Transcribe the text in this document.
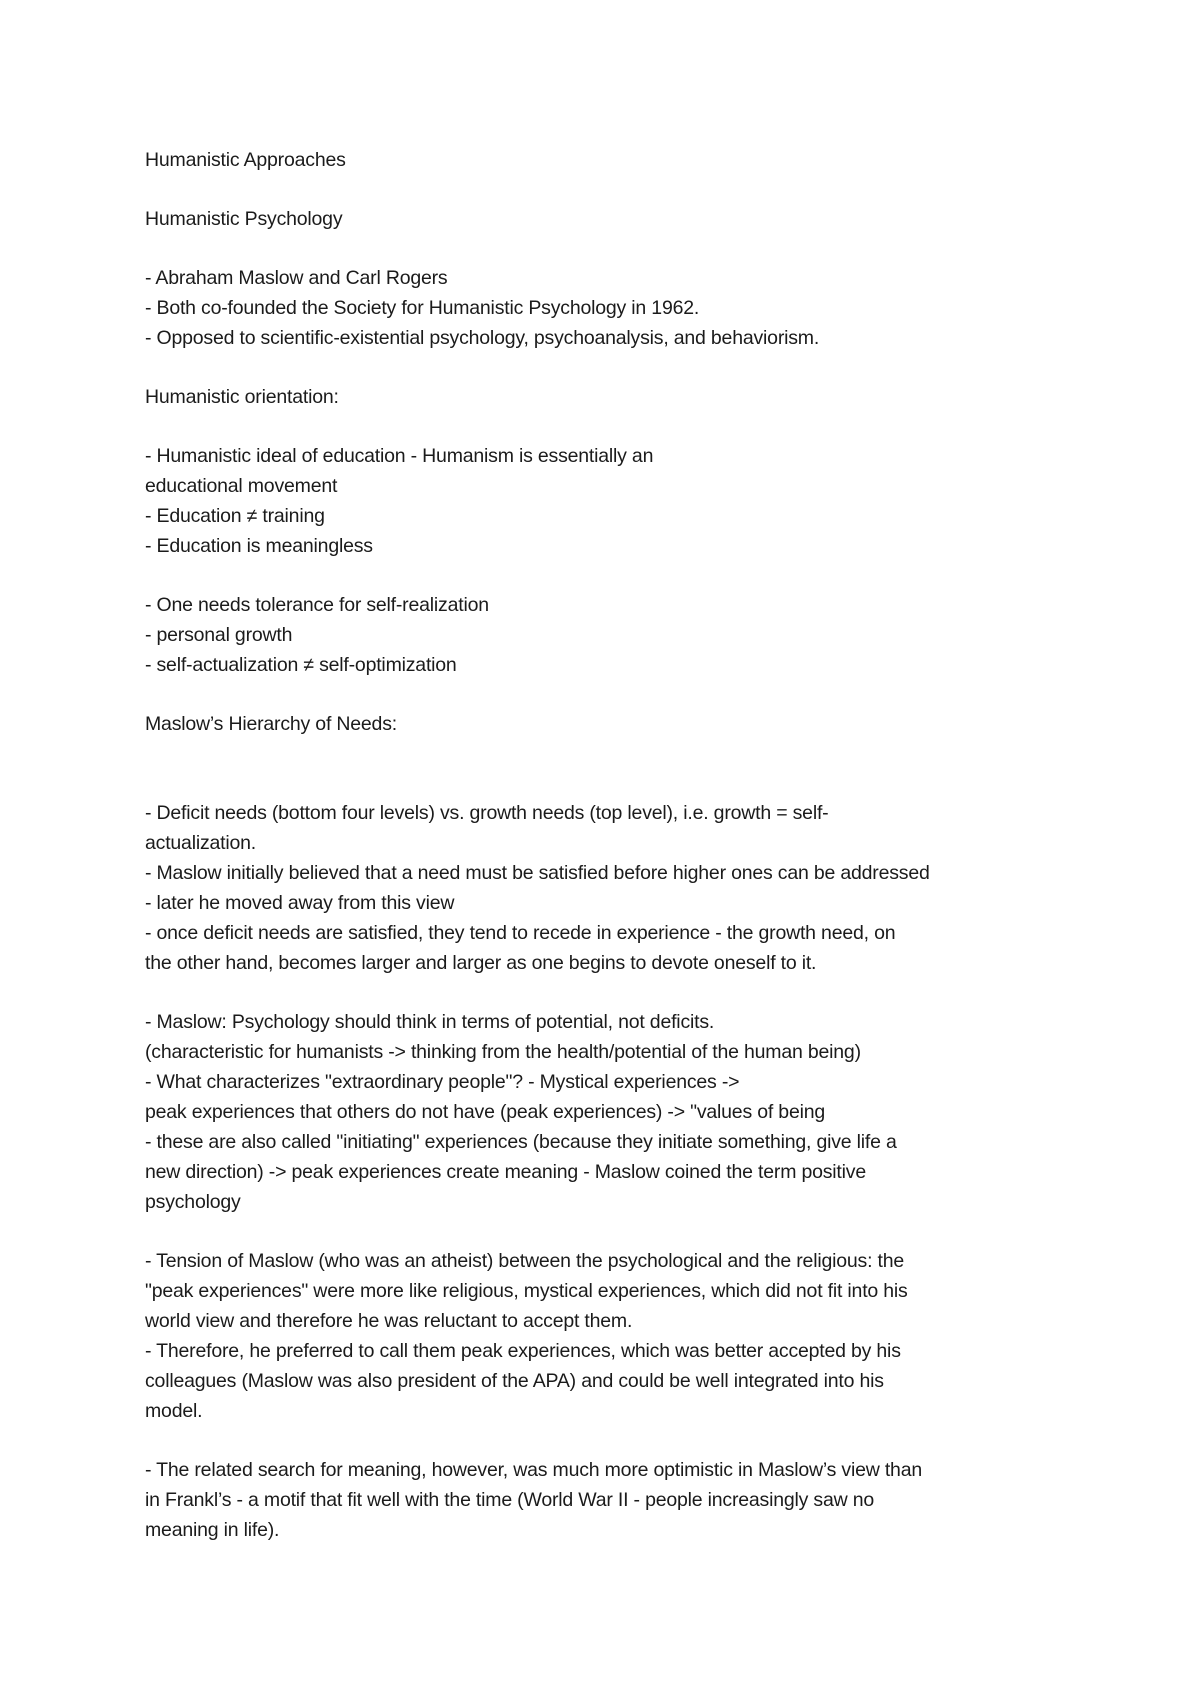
Humanistic Approaches
Humanistic Psychology
- Abraham Maslow and Carl Rogers
- Both co-founded the Society for Humanistic Psychology in 1962.
- Opposed to scientific-existential psychology, psychoanalysis, and behaviorism.
Humanistic orientation:
- Humanistic ideal of education - Humanism is essentially an
educational movement
- Education ≠ training
- Education is meaningless
- One needs tolerance for self-realization
- personal growth
- self-actualization ≠ self-optimization
Maslow’s Hierarchy of Needs:
- Deficit needs (bottom four levels) vs. growth needs (top level), i.e. growth = self-
actualization.
- Maslow initially believed that a need must be satisfied before higher ones can be addressed
- later he moved away from this view
- once deficit needs are satisfied, they tend to recede in experience - the growth need, on
the other hand, becomes larger and larger as one begins to devote oneself to it.
- Maslow: Psychology should think in terms of potential, not deficits.
(characteristic for humanists -> thinking from the health/potential of the human being)
- What characterizes "extraordinary people"? - Mystical experiences ->
peak experiences that others do not have (peak experiences) -> "values of being
- these are also called "initiating" experiences (because they initiate something, give life a
new direction) -> peak experiences create meaning - Maslow coined the term positive
psychology
- Tension of Maslow (who was an atheist) between the psychological and the religious: the
"peak experiences" were more like religious, mystical experiences, which did not fit into his
world view and therefore he was reluctant to accept them.
- Therefore, he preferred to call them peak experiences, which was better accepted by his
colleagues (Maslow was also president of the APA) and could be well integrated into his
model.
- The related search for meaning, however, was much more optimistic in Maslow’s view than
in Frankl’s - a motif that fit well with the time (World War II - people increasingly saw no
meaning in life).
